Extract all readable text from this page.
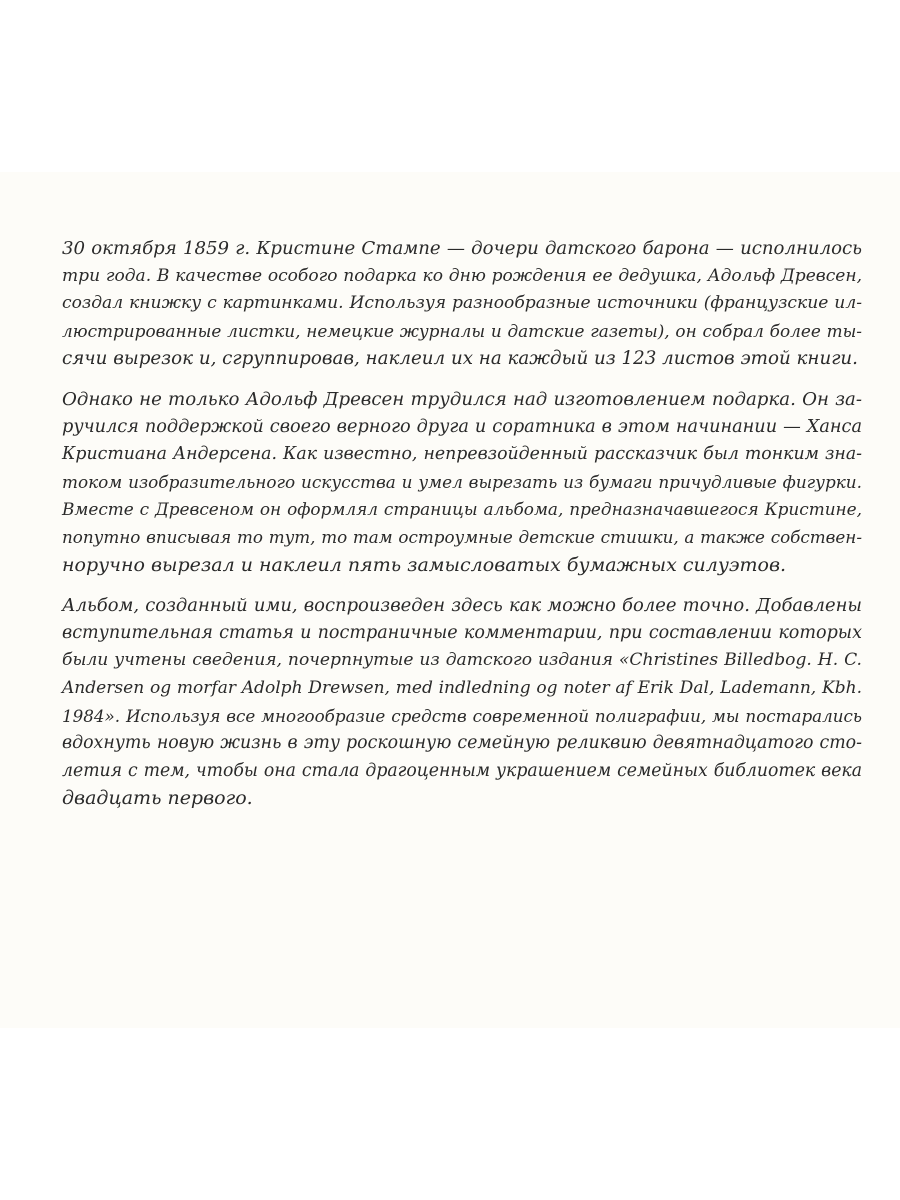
30 октября 1859 г. Кристине Стампе — дочери датского барона — исполнилось
три года. В качестве особого подарка ко дню рождения ее дедушка, Адольф Древсен,
создал книжку с картинками. Используя разнообразные источники (французские ил-
люстрированные листки, немецкие журналы и датские газеты), он собрал более ты-
сячи вырезок и, сгруппировав, наклеил их на каждый из 123 листов этой книги.
Однако не только Адольф Древсен трудился над изготовлением подарка. Он за-
ручился поддержкой своего верного друга и соратника в этом начинании — Ханса
Кристиана Андерсена. Как известно, непревзойденный рассказчик был тонким зна-
током изобразительного искусства и умел вырезать из бумаги причудливые фигурки.
Вместе с Древсеном он оформлял страницы альбома, предназначавшегося Кристине,
попутно вписывая то тут, то там остроумные детские стишки, а также собствен-
норучно вырезал и наклеил пять замысловатых бумажных силуэтов.
Альбом, созданный ими, воспроизведен здесь как можно более точно. Добавлены
вступительная статья и постраничные комментарии, при составлении которых
были учтены сведения, почерпнутые из датского издания «Christines Billedbog. H. C.
Andersen og morfar Adolph Drewsen, med indledning og noter af Erik Dal, Lademann, Kbh.
1984». Используя все многообразие средств современной полиграфии, мы постарались
вдохнуть новую жизнь в эту роскошную семейную реликвию девятнадцатого сто-
летия с тем, чтобы она стала драгоценным украшением семейных библиотек века
двадцать первого.
